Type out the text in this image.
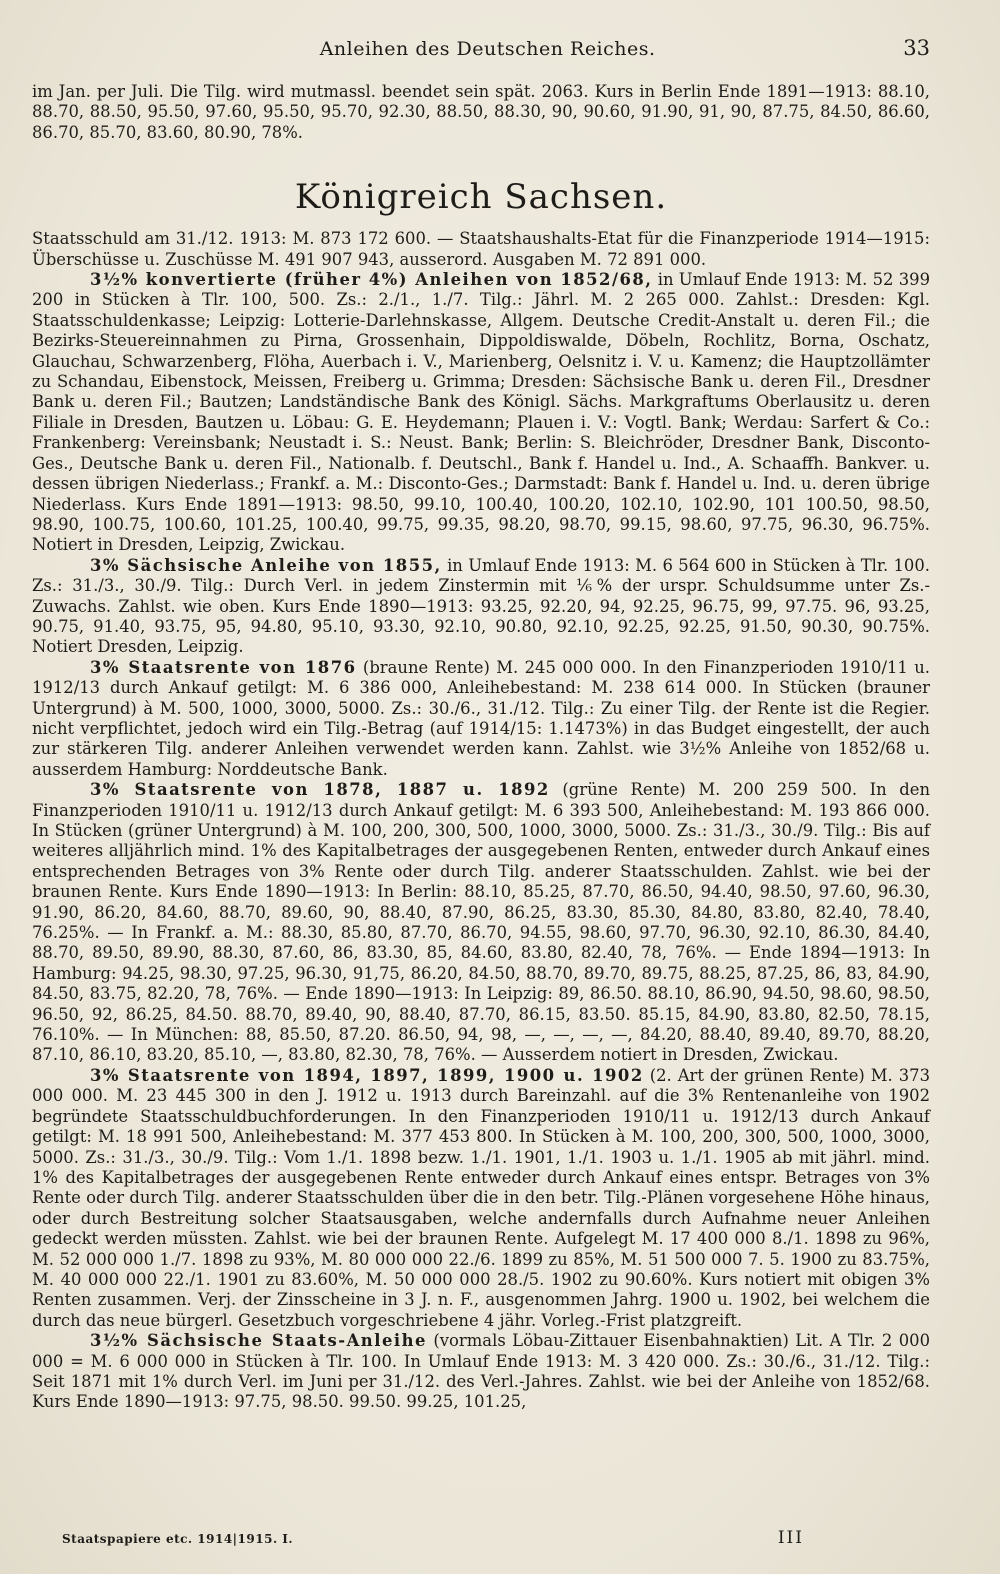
Anleihen des Deutschen Reiches.	33

im Jan. per Juli. Die Tilg. wird mutmassl. beendet sein spät. 2063. Kurs in Berlin Ende 1891—1913: 88.10, 88.70, 88.50, 95.50, 97.60, 95.50, 95.70, 92.30, 88.50, 88.30, 90, 90.60, 91.90, 91, 90, 87.75, 84.50, 86.60, 86.70, 85.70, 83.60, 80.90, 78%.

Königreich Sachsen.

Staatsschuld am 31./12. 1913: M. 873 172 600. — Staatshaushalts-Etat für die Finanzperiode 1914—1915: Überschüsse u. Zuschüsse M. 491 907 943, ausserord. Ausgaben M. 72 891 000.

3½% konvertierte (früher 4%) Anleihen von 1852/68, in Umlauf Ende 1913: M. 52 399 200 in Stücken à Tlr. 100, 500. Zs.: 2./1., 1./7. Tilg.: Jährl. M. 2 265 000. Zahlst.: Dresden: Kgl. Staatsschuldenkasse; Leipzig: Lotterie-Darlehnskasse, Allgem. Deutsche Credit-Anstalt u. deren Fil.; die Bezirks-Steuereinnahmen zu Pirna, Grossenhain, Dippoldiswalde, Döbeln, Rochlitz, Borna, Oschatz, Glauchau, Schwarzenberg, Flöha, Auerbach i. V., Marienberg, Oelsnitz i. V. u. Kamenz; die Hauptzollämter zu Schandau, Eibenstock, Meissen, Freiberg u. Grimma; Dresden: Sächsische Bank u. deren Fil., Dresdner Bank u. deren Fil.; Bautzen; Landständische Bank des Königl. Sächs. Markgraftums Oberlausitz u. deren Filiale in Dresden, Bautzen u. Löbau: G. E. Heydemann; Plauen i. V.: Vogtl. Bank; Werdau: Sarfert & Co.: Frankenberg: Vereinsbank; Neustadt i. S.: Neust. Bank; Berlin: S. Bleichröder, Dresdner Bank, Disconto-Ges., Deutsche Bank u. deren Fil., Nationalb. f. Deutschl., Bank f. Handel u. Ind., A. Schaaffh. Bankver. u. dessen übrigen Niederlass.; Frankf. a. M.: Disconto-Ges.; Darmstadt: Bank f. Handel u. Ind. u. deren übrige Niederlass. Kurs Ende 1891—1913: 98.50, 99.10, 100.40, 100.20, 102.10, 102.90, 101 100.50, 98.50, 98.90, 100.75, 100.60, 101.25, 100.40, 99.75, 99.35, 98.20, 98.70, 99.15, 98.60, 97.75, 96.30, 96.75%. Notiert in Dresden, Leipzig, Zwickau.

3% Sächsische Anleihe von 1855, in Umlauf Ende 1913: M. 6 564 600 in Stücken à Tlr. 100. Zs.: 31./3., 30./9. Tilg.: Durch Verl. in jedem Zinstermin mit ⅙% der urspr. Schuldsumme unter Zs.-Zuwachs. Zahlst. wie oben. Kurs Ende 1890—1913: 93.25, 92.20, 94, 92.25, 96.75, 99, 97.75. 96, 93.25, 90.75, 91.40, 93.75, 95, 94.80, 95.10, 93.30, 92.10, 90.80, 92.10, 92.25, 92.25, 91.50, 90.30, 90.75%. Notiert Dresden, Leipzig.

3% Staatsrente von 1876 (braune Rente) M. 245 000 000. In den Finanzperioden 1910/11 u. 1912/13 durch Ankauf getilgt: M. 6 386 000, Anleihebestand: M. 238 614 000. In Stücken (brauner Untergrund) à M. 500, 1000, 3000, 5000. Zs.: 30./6., 31./12. Tilg.: Zu einer Tilg. der Rente ist die Regier. nicht verpflichtet, jedoch wird ein Tilg.-Betrag (auf 1914/15: 1.1473%) in das Budget eingestellt, der auch zur stärkeren Tilg. anderer Anleihen verwendet werden kann. Zahlst. wie 3½% Anleihe von 1852/68 u. ausserdem Hamburg: Norddeutsche Bank.

3% Staatsrente von 1878, 1887 u. 1892 (grüne Rente) M. 200 259 500. In den Finanzperioden 1910/11 u. 1912/13 durch Ankauf getilgt: M. 6 393 500, Anleihebestand: M. 193 866 000. In Stücken (grüner Untergrund) à M. 100, 200, 300, 500, 1000, 3000, 5000. Zs.: 31./3., 30./9. Tilg.: Bis auf weiteres alljährlich mind. 1% des Kapitalbetrages der ausgegebenen Renten, entweder durch Ankauf eines entsprechenden Betrages von 3% Rente oder durch Tilg. anderer Staatsschulden. Zahlst. wie bei der braunen Rente. Kurs Ende 1890—1913: In Berlin: 88.10, 85.25, 87.70, 86.50, 94.40, 98.50, 97.60, 96.30, 91.90, 86.20, 84.60, 88.70, 89.60, 90, 88.40, 87.90, 86.25, 83.30, 85.30, 84.80, 83.80, 82.40, 78.40, 76.25%. — In Frankf. a. M.: 88.30, 85.80, 87.70, 86.70, 94.55, 98.60, 97.70, 96.30, 92.10, 86.30, 84.40, 88.70, 89.50, 89.90, 88.30, 87.60, 86, 83.30, 85, 84.60, 83.80, 82.40, 78, 76%. — Ende 1894—1913: In Hamburg: 94.25, 98.30, 97.25, 96.30, 91,75, 86.20, 84.50, 88.70, 89.70, 89.75, 88.25, 87.25, 86, 83, 84.90, 84.50, 83.75, 82.20, 78, 76%. — Ende 1890—1913: In Leipzig: 89, 86.50. 88.10, 86.90, 94.50, 98.60, 98.50, 96.50, 92, 86.25, 84.50. 88.70, 89.40, 90, 88.40, 87.70, 86.15, 83.50. 85.15, 84.90, 83.80, 82.50, 78.15, 76.10%. — In München: 88, 85.50, 87.20. 86.50, 94, 98, —, —, —, —, 84.20, 88.40, 89.40, 89.70, 88.20, 87.10, 86.10, 83.20, 85.10, —, 83.80, 82.30, 78, 76%. — Ausserdem notiert in Dresden, Zwickau.

3% Staatsrente von 1894, 1897, 1899, 1900 u. 1902 (2. Art der grünen Rente) M. 373 000 000. M. 23 445 300 in den J. 1912 u. 1913 durch Bareinzahl. auf die 3% Rentenanleihe von 1902 begründete Staatsschuldbuchforderungen. In den Finanzperioden 1910/11 u. 1912/13 durch Ankauf getilgt: M. 18 991 500, Anleihebestand: M. 377 453 800. In Stücken à M. 100, 200, 300, 500, 1000, 3000, 5000. Zs.: 31./3., 30./9. Tilg.: Vom 1./1. 1898 bezw. 1./1. 1901, 1./1. 1903 u. 1./1. 1905 ab mit jährl. mind. 1% des Kapitalbetrages der ausgegebenen Rente entweder durch Ankauf eines entspr. Betrages von 3% Rente oder durch Tilg. anderer Staatsschulden über die in den betr. Tilg.-Plänen vorgesehene Höhe hinaus, oder durch Bestreitung solcher Staatsausgaben, welche andernfalls durch Aufnahme neuer Anleihen gedeckt werden müssten. Zahlst. wie bei der braunen Rente. Aufgelegt M. 17 400 000 8./1. 1898 zu 96%, M. 52 000 000 1./7. 1898 zu 93%, M. 80 000 000 22./6. 1899 zu 85%, M. 51 500 000 7. 5. 1900 zu 83.75%, M. 40 000 000 22./1. 1901 zu 83.60%, M. 50 000 000 28./5. 1902 zu 90.60%. Kurs notiert mit obigen 3% Renten zusammen. Verj. der Zinsscheine in 3 J. n. F., ausgenommen Jahrg. 1900 u. 1902, bei welchem die durch das neue bürgerl. Gesetzbuch vorgeschriebene 4 jähr. Vorleg.-Frist platzgreift.

3½% Sächsische Staats-Anleihe (vormals Löbau-Zittauer Eisenbahnaktien) Lit. A Tlr. 2 000 000 = M. 6 000 000 in Stücken à Tlr. 100. In Umlauf Ende 1913: M. 3 420 000. Zs.: 30./6., 31./12. Tilg.: Seit 1871 mit 1% durch Verl. im Juni per 31./12. des Verl.-Jahres. Zahlst. wie bei der Anleihe von 1852/68. Kurs Ende 1890—1913: 97.75, 98.50. 99.50. 99.25, 101.25,

Staatspapiere etc. 1914|1915. I.	III
